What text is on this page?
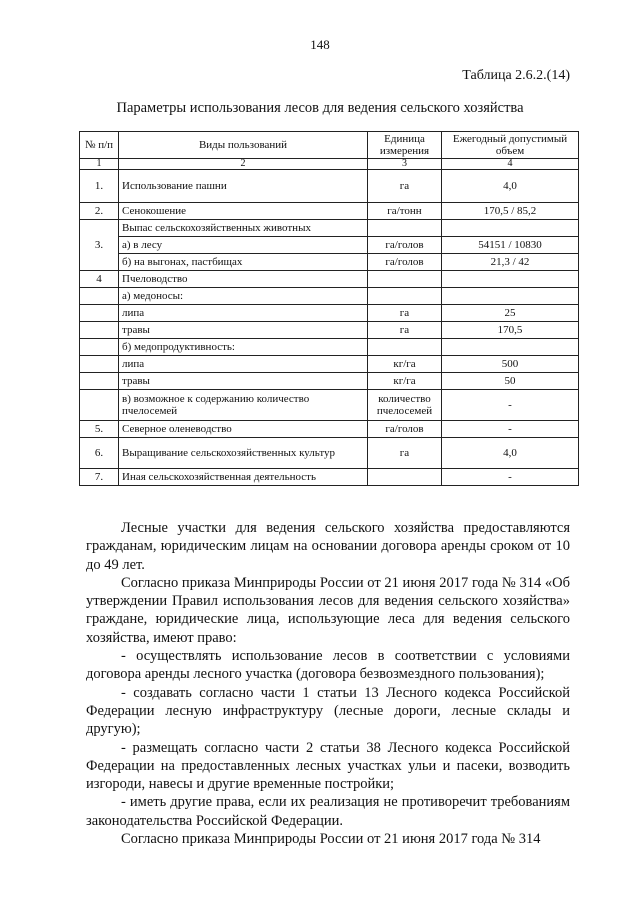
148
Таблица 2.6.2.(14)
Параметры использования лесов для ведения сельского хозяйства
№ п/п	Виды пользований	Единица измерения	Ежегодный допустимый объем
1	2	3	4
1.	Использование пашни	га	4,0
2.	Сенокошение	га/тонн	170,5 / 85,2
3.	Выпас сельскохозяйственных животных		
	а) в лесу	га/голов	54151 / 10830
	б) на выгонах, пастбищах	га/голов	21,3 / 42
4	Пчеловодство		
	а) медоносы:		
	липа	га	25
	травы	га	170,5
	б) медопродуктивность:		
	липа	кг/га	500
	травы	кг/га	50
	в) возможное к содержанию количество пчелосемей	количество пчелосемей	-
5.	Северное оленеводство	га/голов	-
6.	Выращивание сельскохозяйственных культур	га	4,0
7.	Иная сельскохозяйственная деятельность		-

Лесные участки для ведения сельского хозяйства предоставляются гражданам, юридическим лицам на основании договора аренды сроком от 10 до 49 лет.

Согласно приказа Минприроды России от 21 июня 2017 года № 314 «Об утверждении Правил использования лесов для ведения сельского хозяйства» граждане, юридические лица, использующие леса для ведения сельского хозяйства, имеют право:

- осуществлять использование лесов в соответствии с условиями договора аренды лесного участка (договора безвозмездного пользования);

- создавать согласно части 1 статьи 13 Лесного кодекса Российской Федерации лесную инфраструктуру (лесные дороги, лесные склады и другую);

- размещать согласно части 2 статьи 38 Лесного кодекса Российской Федерации на предоставленных лесных участках ульи и пасеки, возводить изгороди, навесы и другие временные постройки;

- иметь другие права, если их реализация не противоречит требованиям законодательства Российской Федерации.

Согласно приказа Минприроды России от 21 июня 2017 года № 314
